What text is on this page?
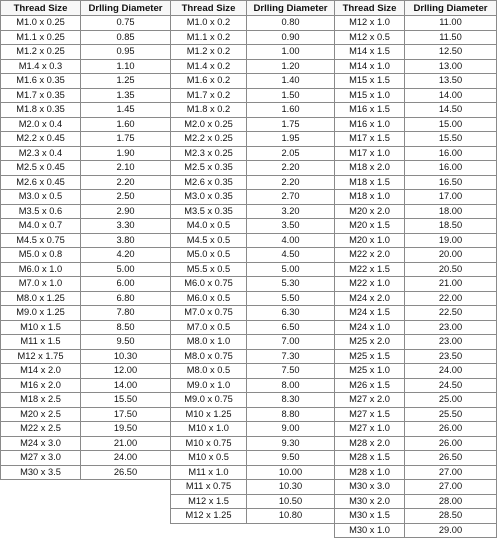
Thread Size	Drlling Diameter
M1.0 x 0.25	0.75
M1.1 x 0.25	0.85
M1.2 x 0.25	0.95
M1.4 x 0.3	1.10
M1.6 x 0.35	1.25
M1.7 x 0.35	1.35
M1.8 x 0.35	1.45
M2.0 x 0.4	1.60
M2.2 x 0.45	1.75
M2.3 x 0.4	1.90
M2.5 x 0.45	2.10
M2.6 x 0.45	2.20
M3.0 x 0.5	2.50
M3.5 x 0.6	2.90
M4.0 x 0.7	3.30
M4.5 x 0.75	3.80
M5.0 x 0.8	4.20
M6.0 x 1.0	5.00
M7.0 x 1.0	6.00
M8.0 x 1.25	6.80
M9.0 x 1.25	7.80
M10 x 1.5	8.50
M11 x 1.5	9.50
M12 x 1.75	10.30
M14 x 2.0	12.00
M16 x 2.0	14.00
M18 x 2.5	15.50
M20 x 2.5	17.50
M22 x 2.5	19.50
M24 x 3.0	21.00
M27 x 3.0	24.00
M30 x 3.5	26.50
Thread Size	Drlling Diameter
M1.0 x 0.2	0.80
M1.1 x 0.2	0.90
M1.2 x 0.2	1.00
M1.4 x 0.2	1.20
M1.6 x 0.2	1.40
M1.7 x 0.2	1.50
M1.8 x 0.2	1.60
M2.0 x 0.25	1.75
M2.2 x 0.25	1.95
M2.3 x 0.25	2.05
M2.5 x 0.35	2.20
M2.6 x 0.35	2.20
M3.0 x 0.35	2.70
M3.5 x 0.35	3.20
M4.0 x 0.5	3.50
M4.5 x 0.5	4.00
M5.0 x 0.5	4.50
M5.5 x 0.5	5.00
M6.0 x 0.75	5.30
M6.0 x 0.5	5.50
M7.0 x 0.75	6.30
M7.0 x 0.5	6.50
M8.0 x 1.0	7.00
M8.0 x 0.75	7.30
M8.0 x 0.5	7.50
M9.0 x 1.0	8.00
M9.0 x 0.75	8.30
M10 x 1.25	8.80
M10 x 1.0	9.00
M10 x 0.75	9.30
M10 x 0.5	9.50
M11 x 1.0	10.00
M11 x 0.75	10.30
M12 x 1.5	10.50
M12 x 1.25	10.80
Thread Size	Drlling Diameter
M12 x 1.0	11.00
M12 x 0.5	11.50
M14 x 1.5	12.50
M14 x 1.0	13.00
M15 x 1.5	13.50
M15 x 1.0	14.00
M16 x 1.5	14.50
M16 x 1.0	15.00
M17 x 1.5	15.50
M17 x 1.0	16.00
M18 x 2.0	16.00
M18 x 1.5	16.50
M18 x 1.0	17.00
M20 x 2.0	18.00
M20 x 1.5	18.50
M20 x 1.0	19.00
M22 x 2.0	20.00
M22 x 1.5	20.50
M22 x 1.0	21.00
M24 x 2.0	22.00
M24 x 1.5	22.50
M24 x 1.0	23.00
M25 x 2.0	23.00
M25 x 1.5	23.50
M25 x 1.0	24.00
M26 x 1.5	24.50
M27 x 2.0	25.00
M27 x 1.5	25.50
M27 x 1.0	26.00
M28 x 2.0	26.00
M28 x 1.5	26.50
M28 x 1.0	27.00
M30 x 3.0	27.00
M30 x 2.0	28.00
M30 x 1.5	28.50
M30 x 1.0	29.00
